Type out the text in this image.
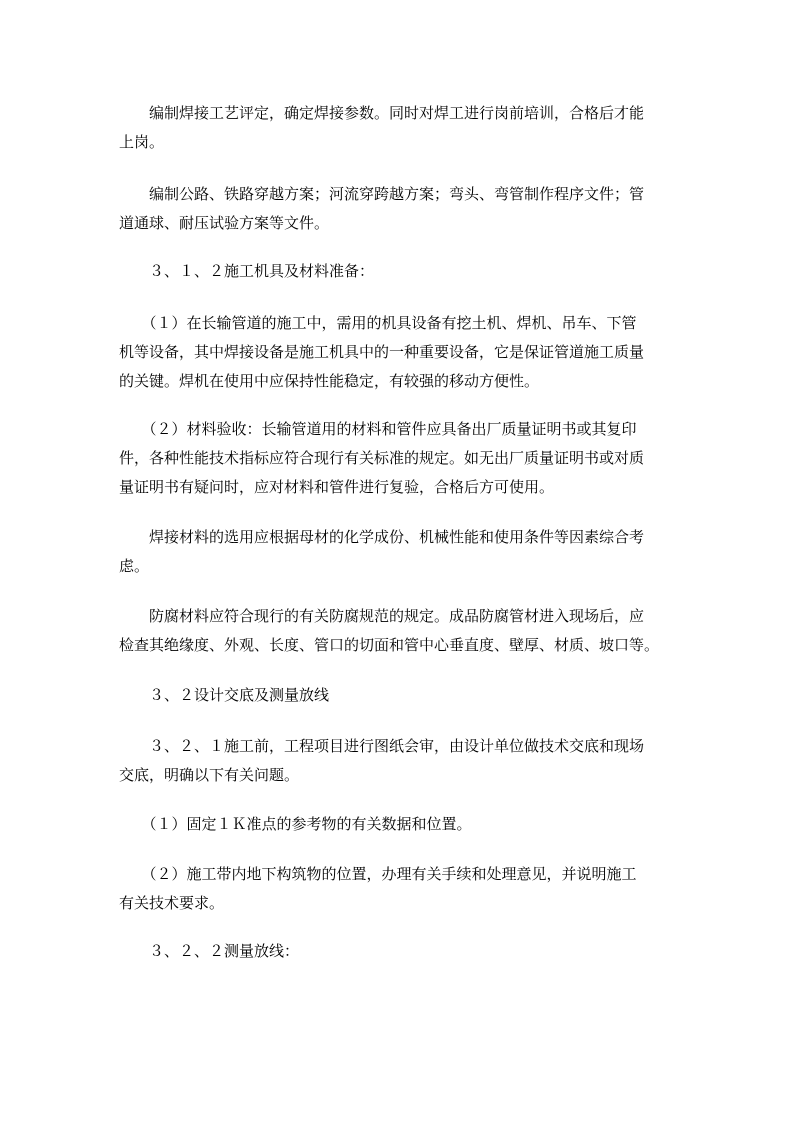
　　编制焊接工艺评定，确定焊接参数。同时对焊工进行岗前培训，合格后才能
上岗。

　　编制公路、铁路穿越方案；河流穿跨越方案；弯头、弯管制作程序文件；管
道通球、耐压试验方案等文件。

　　３、１、２施工机具及材料准备：

　　（１）在长输管道的施工中，需用的机具设备有挖土机、焊机、吊车、下管
机等设备，其中焊接设备是施工机具中的一种重要设备，它是保证管道施工质量
的关键。焊机在使用中应保持性能稳定，有较强的移动方便性。

　　（２）材料验收：长输管道用的材料和管件应具备出厂质量证明书或其复印
件，各种性能技术指标应符合现行有关标准的规定。如无出厂质量证明书或对质
量证明书有疑问时，应对材料和管件进行复验，合格后方可使用。

　　焊接材料的选用应根据母材的化学成份、机械性能和使用条件等因素综合考
虑。

　　防腐材料应符合现行的有关防腐规范的规定。成品防腐管材进入现场后，应
检查其绝缘度、外观、长度、管口的切面和管中心垂直度、壁厚、材质、坡口等。

　　３、２设计交底及测量放线

　　３、２、１施工前，工程项目进行图纸会审，由设计单位做技术交底和现场
交底，明确以下有关问题。

　　（１）固定１Ｋ准点的参考物的有关数据和位置。

　　（２）施工带内地下构筑物的位置，办理有关手续和处理意见，并说明施工
有关技术要求。

　　３、２、２测量放线：
